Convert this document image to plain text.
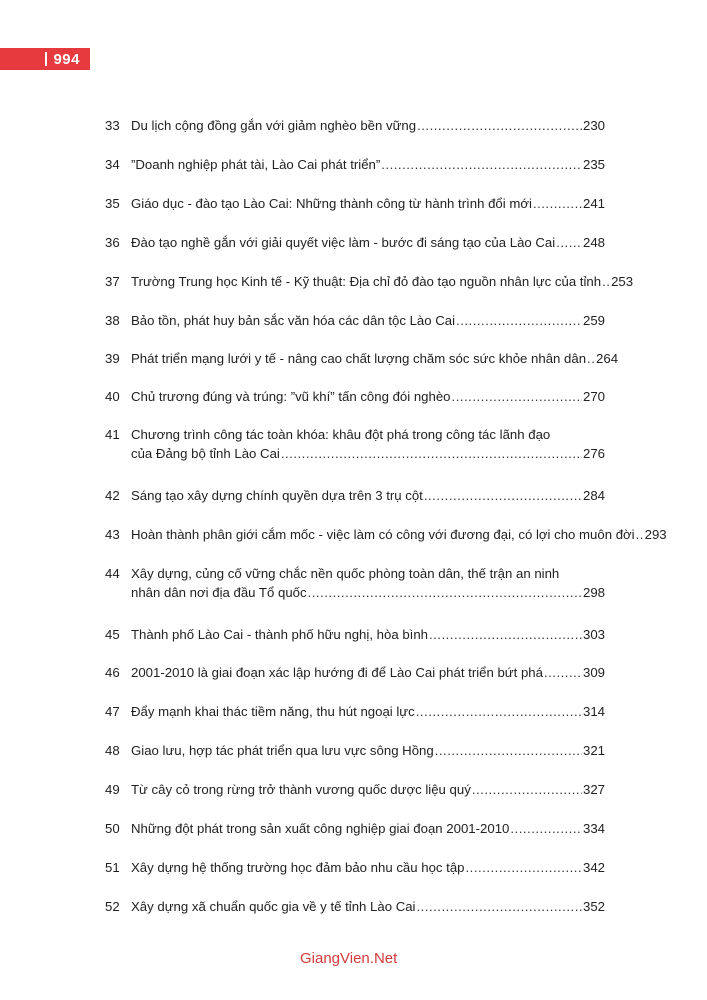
994
33 Du lịch cộng đồng gắn với giảm nghèo bền vững .....	230
34 ”Doanh nghiệp phát tài, Lào Cai phát triển” .....	235
35 Giáo dục - đào tạo Lào Cai: Những thành công từ hành trình đổi mới .....	241
36 Đào tạo nghề gắn với giải quyết việc làm - bước đi sáng tạo của Lào Cai ..... 248
37 Trường Trung học Kinh tế - Kỹ thuật: Địa chỉ đỏ đào tạo nguồn nhân lực của tỉnh ..... 253
38 Bảo tồn, phát huy bản sắc văn hóa các dân tộc Lào Cai .....	259
39 Phát triển mạng lưới y tế - nâng cao chất lượng chăm sóc sức khỏe nhân dân ..... 264
40 Chủ trương đúng và trúng: ”vũ khí” tấn công đói nghèo .....	270
41 Chương trình công tác toàn khóa: khâu đột phá trong công tác lãnh đạo
của Đảng bộ tỉnh Lào Cai .....	276
42 Sáng tạo xây dựng chính quyền dựa trên 3 trụ cột .....	284
43 Hoàn thành phân giới cắm mốc - việc làm có công với đương đại, có lợi cho muôn đời ..... 293
44 Xây dựng, củng cố vững chắc nền quốc phòng toàn dân, thế trận an ninh
nhân dân nơi địa đầu Tổ quốc .....	298
45 Thành phố Lào Cai - thành phố hữu nghị, hòa bình .....	303
46 2001-2010 là giai đoạn xác lập hướng đi để Lào Cai phát triển bứt phá .....	309
47 Đẩy mạnh khai thác tiềm năng, thu hút ngoại lực .....	314
48 Giao lưu, hợp tác phát triển qua lưu vực sông Hồng .....	321
49 Từ cây cỏ trong rừng trở thành vương quốc dược liệu quý .....	327
50 Những đột phát trong sản xuất công nghiệp giai đoạn 2001-2010 .....	334
51 Xây dựng hệ thống trường học đảm bảo nhu cầu học tập .....	342
52 Xây dựng xã chuẩn quốc gia về y tế tỉnh Lào Cai .....	352
GiangVien.Net
